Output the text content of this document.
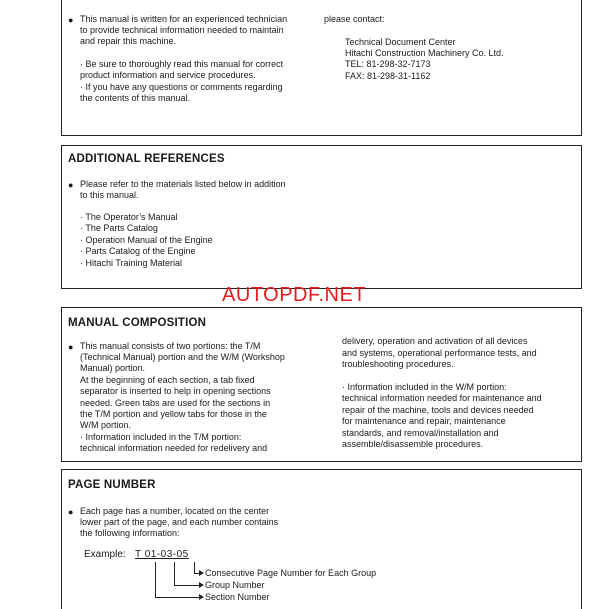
● This manual is written for an experienced technician
to provide technical information needed to maintain
and repair this machine.
· Be sure to thoroughly read this manual for correct
product information and service procedures.
· If you have any questions or comments regarding
the contents of this manual.
please contact:
Technical Document Center
Hitachi Construction Machinery Co. Ltd.
TEL: 81-298-32-7173
FAX: 81-298-31-1162
ADDITIONAL REFERENCES
● Please refer to the materials listed below in addition
to this manual.
· The Operator’s Manual
· The Parts Catalog
· Operation Manual of the Engine
· Parts Catalog of the Engine
· Hitachi Training Material
AUTOPDF.NET
MANUAL COMPOSITION
● This manual consists of two portions: the T/M
(Technical Manual) portion and the W/M (Workshop
Manual) portion.
At the beginning of each section, a tab fixed
separator is inserted to help in opening sections
needed. Green tabs are used for the sections in
the T/M portion and yellow tabs for those in the
W/M portion.
· Information included in the T/M portion:
technical information needed for redelivery and
delivery, operation and activation of all devices
and systems, operational performance tests, and
troubleshooting procedures.
· Information included in the W/M portion:
technical information needed for maintenance and
repair of the machine, tools and devices needed
for maintenance and repair, maintenance
standards, and removal/installation and
assemble/disassemble procedures.
PAGE NUMBER
● Each page has a number, located on the center
lower part of the page, and each number contains
the following information:
Example: T 01-03-05
Consecutive Page Number for Each Group
Group Number
Section Number
